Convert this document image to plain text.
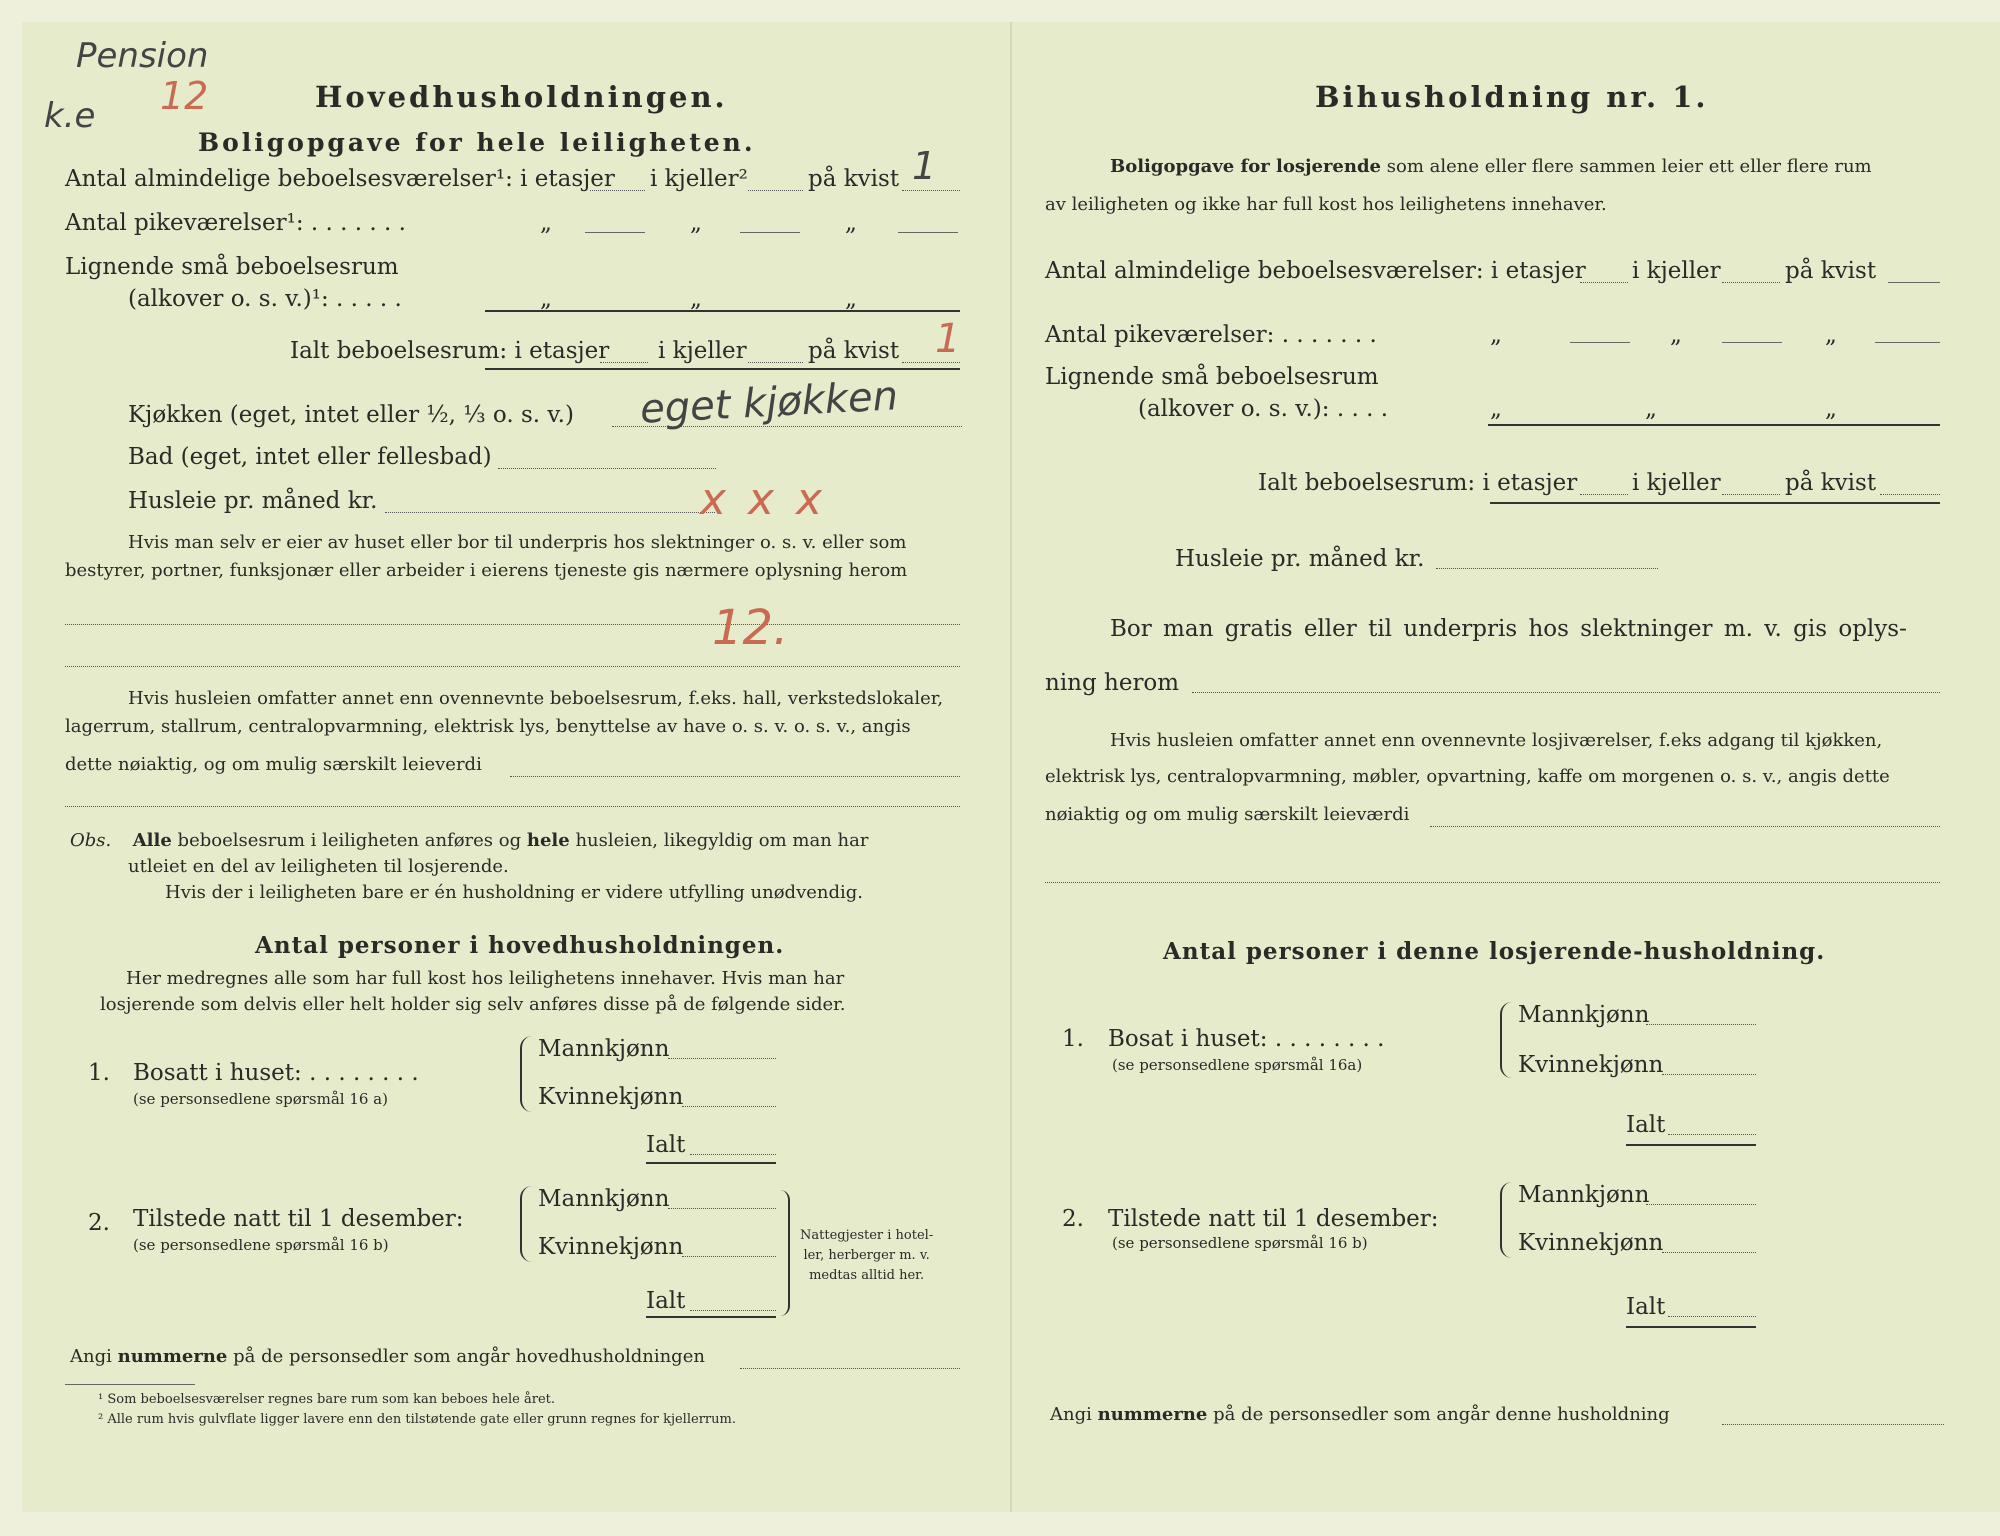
Pension
k.e 12	Hovedhusholdningen.
Boligopgave for hele leiligheten.
Antal almindelige beboelsesværelser¹: i etasjer i kjeller²	på kvist 1
Antal pikeværelser¹: . . . . . . .	„	„	„
Lignende små beboelsesrum
(alkover o. s. v.)¹: . . . . .	„	„	„
Ialt beboelsesrum: i etasjer i kjeller	på kvist 1
Kjøkken (eget, intet eller ½, ⅓ o. s. v.) eget kjøkken
Bad (eget, intet eller fellesbad)
Husleie pr. måned kr.	x x x
Hvis man selv er eier av huset eller bor til underpris hos slektninger o. s. v. eller som
bestyrer, portner, funksjonær eller arbeider i eierens tjeneste gis nærmere oplysning herom
12.
Hvis husleien omfatter annet enn ovennevnte beboelsesrum, f.eks. hall, verkstedslokaler,
lagerrum, stallrum, centralopvarmning, elektrisk lys, benyttelse av have o. s. v. o. s. v., angis
dette nøiaktig, og om mulig særskilt leieverdi
Obs. Alle beboelsesrum i leiligheten anføres og hele husleien, likegyldig om man har
utleiet en del av leiligheten til losjerende.
Hvis der i leiligheten bare er én husholdning er videre utfylling unødvendig.
Antal personer i hovedhusholdningen.
Her medregnes alle som har full kost hos leilighetens innehaver. Hvis man har
losjerende som delvis eller helt holder sig selv anføres disse på de følgende sider.
1. Bosatt i huset: . . . . . . . .
(se personsedlene spørsmål 16 a)
Mannkjønn
Kvinnekjønn
Ialt
2. Tilstede natt til 1 desember:
(se personsedlene spørsmål 16 b)
Mannkjønn
Kvinnekjønn
Ialt
Nattegjester i hotel-
ler, herberger m. v.
medtas alltid her.
Angi nummerne på de personsedler som angår hovedhusholdningen
¹ Som beboelsesværelser regnes bare rum som kan beboes hele året.
² Alle rum hvis gulvflate ligger lavere enn den tilstøtende gate eller grunn regnes for kjellerrum.
Bihusholdning nr. 1.
Boligopgave for losjerende som alene eller flere sammen leier ett eller flere rum
av leiligheten og ikke har full kost hos leilighetens innehaver.
Antal almindelige beboelsesværelser: i etasjer i kjeller	på kvist
Antal pikeværelser: . . . . . . .	„	„	„
Lignende små beboelsesrum
(alkover o. s. v.): . . . .	„	„	„
Ialt beboelsesrum: i etasjer i kjeller	på kvist
Husleie pr. måned kr.
Bor man gratis eller til underpris hos slektninger m. v. gis oplys-
ning herom
Hvis husleien omfatter annet enn ovennevnte losjiværelser, f.eks adgang til kjøkken,
elektrisk lys, centralopvarmning, møbler, opvartning, kaffe om morgenen o. s. v., angis dette
nøiaktig og om mulig særskilt leieværdi
Antal personer i denne losjerende-husholdning.
1. Bosat i huset: . . . . . . . .
(se personsedlene spørsmål 16a)
Mannkjønn
Kvinnekjønn
Ialt
2. Tilstede natt til 1 desember:
(se personsedlene spørsmål 16 b)
Mannkjønn
Kvinnekjønn
Ialt
Angi nummerne på de personsedler som angår denne husholdning
